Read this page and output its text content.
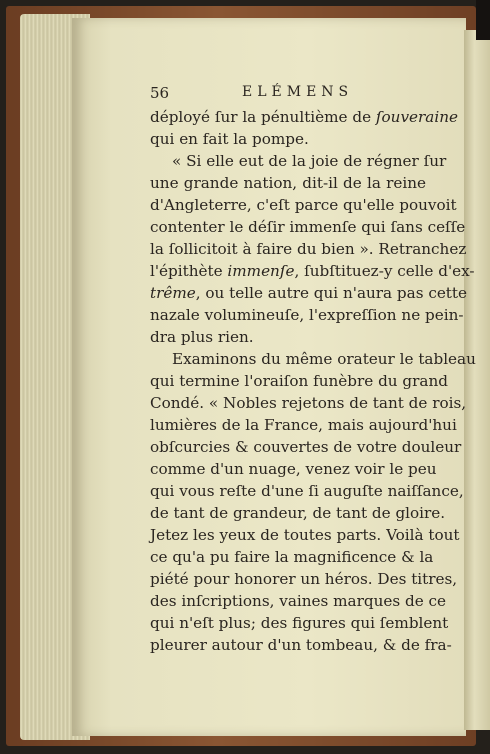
56	ELÉMENS
déployé ſur la pénultième de ſouveraine
qui en fait la pompe.
« Si elle eut de la joie de régner ſur
une grande nation, dit-il de la reine
d'Angleterre, c'eſt parce qu'elle pouvoit
contenter le déſir immenſe qui ſans ceſſe
la ſollicitoit à faire du bien ». Retranchez
l'épithète immenſe, ſubſtituez-y celle d'ex-
trême, ou telle autre qui n'aura pas cette
nazale volumineuſe, l'expreſſion ne pein-
dra plus rien.
Examinons du même orateur le tableau
qui termine l'oraiſon funèbre du grand
Condé. « Nobles rejetons de tant de rois,
lumières de la France, mais aujourd'hui
obſcurcies & couvertes de votre douleur
comme d'un nuage, venez voir le peu
qui vous reſte d'une ſi auguſte naiſſance,
de tant de grandeur, de tant de gloire.
Jetez les yeux de toutes parts. Voilà tout
ce qu'a pu faire la magnificence & la
piété pour honorer un héros. Des titres,
des inſcriptions, vaines marques de ce
qui n'eſt plus; des figures qui ſemblent
pleurer autour d'un tombeau, & de fra-
